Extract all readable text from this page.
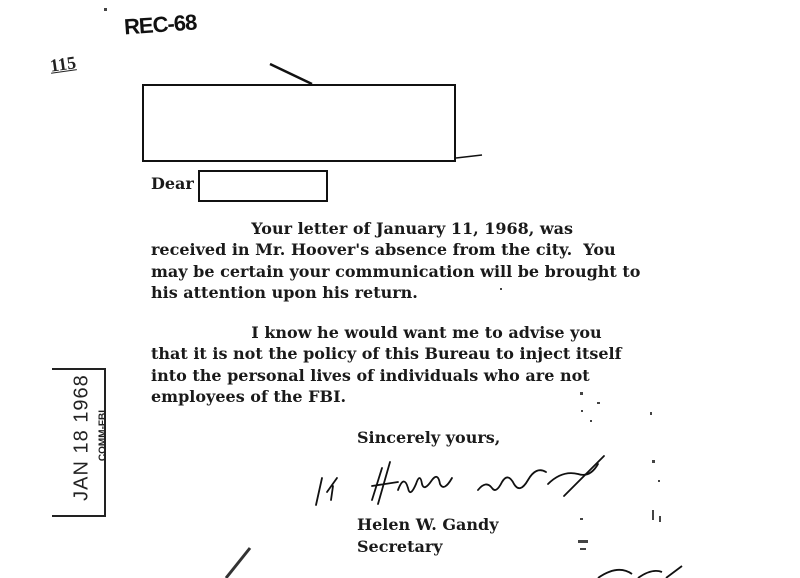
REC-68
115
Dear
Your letter of January 11, 1968, was
received in Mr. Hoover's absence from the city.  You
may be certain your communication will be brought to
his attention upon his return.
I know he would want me to advise you
that it is not the policy of this Bureau to inject itself
into the personal lives of individuals who are not
employees of the FBI.
Sincerely yours,
Helen W. Gandy
Secretary
JAN 18 1968 COMM-FBI
